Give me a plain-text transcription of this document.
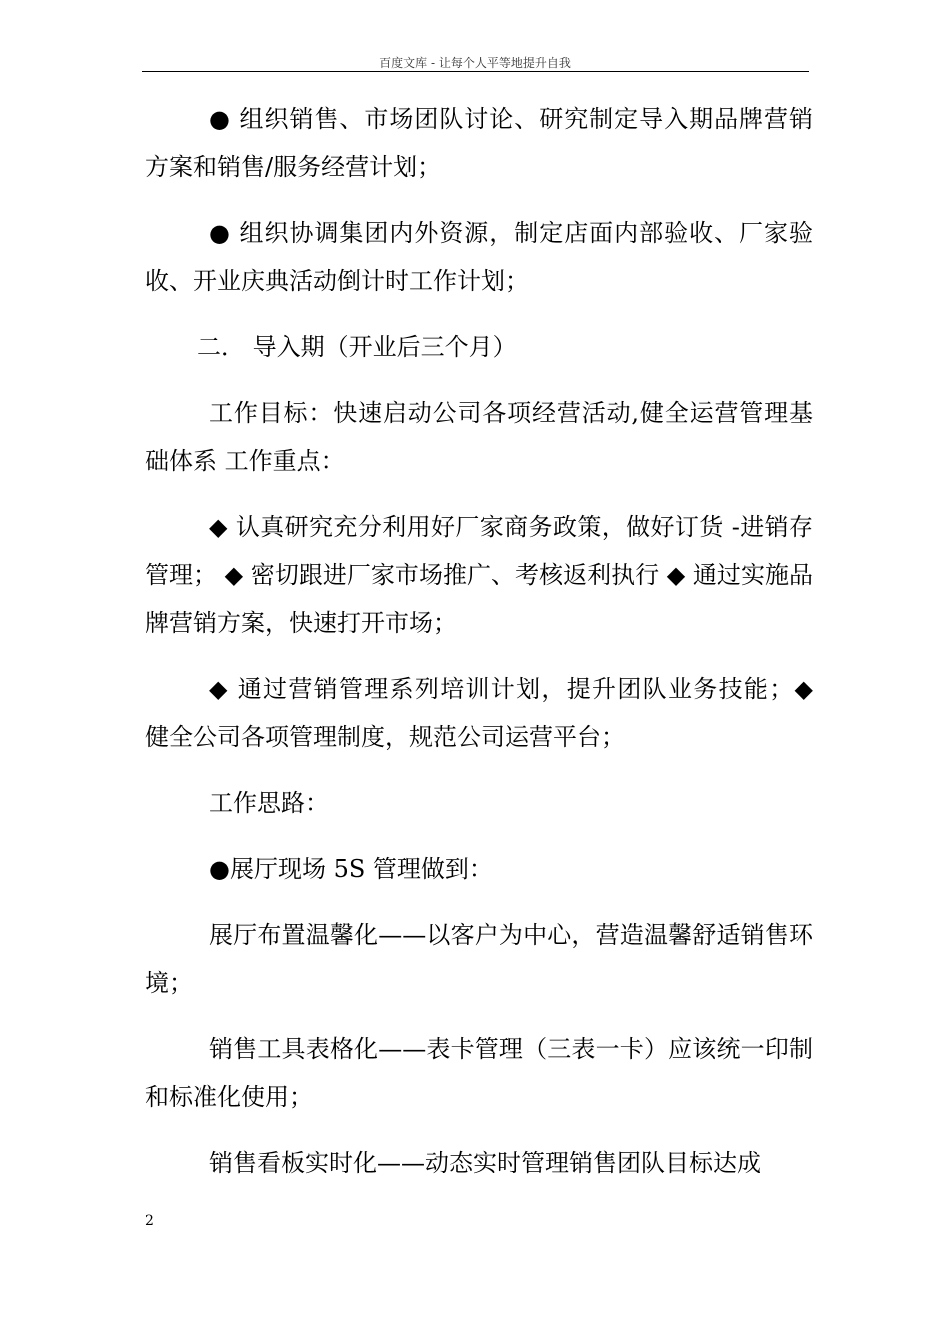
百度文库 - 让每个人平等地提升自我

● 组织销售、市场团队讨论、研究制定导入期品牌营销方案和销售/服务经营计划；

● 组织协调集团内外资源，制定店面内部验收、厂家验收、开业庆典活动倒计时工作计划；

二． 导入期（开业后三个月）

工作目标：快速启动公司各项经营活动,健全运营管理基础体系 工作重点：

◆ 认真研究充分利用好厂家商务政策，做好订货 -进销存管理； ◆ 密切跟进厂家市场推广、考核返利执行 ◆ 通过实施品牌营销方案，快速打开市场；

◆ 通过营销管理系列培训计划，提升团队业务技能；◆ 健全公司各项管理制度，规范公司运营平台；

工作思路：

●展厅现场 5S 管理做到：

展厅布置温馨化——以客户为中心，营造温馨舒适销售环境；

销售工具表格化——表卡管理（三表一卡）应该统一印制和标准化使用；

销售看板实时化——动态实时管理销售团队目标达成

2
